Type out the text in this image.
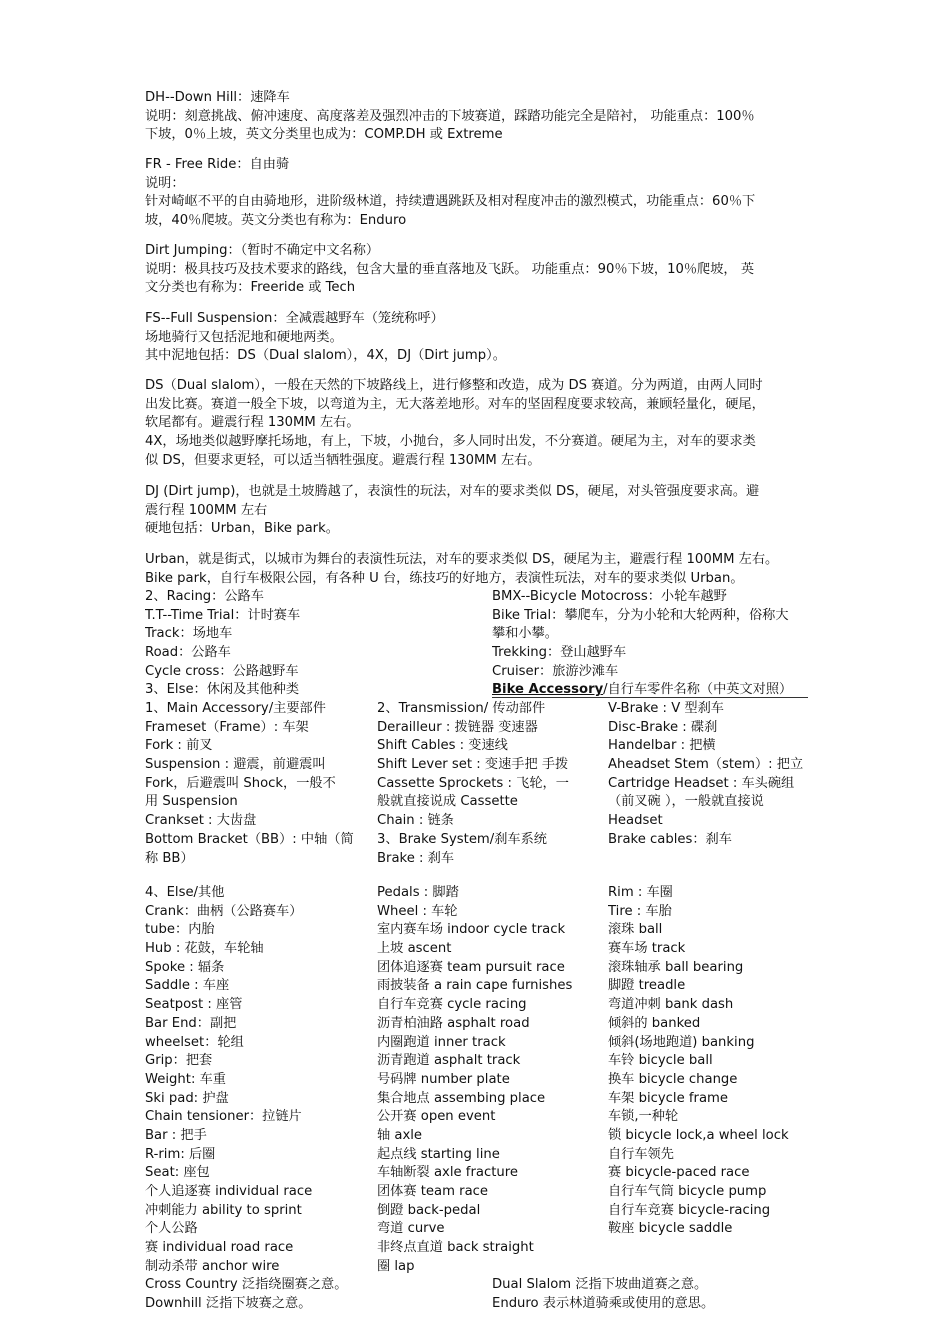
DH--Down Hill：速降车
说明：刻意挑战、俯冲速度、高度落差及强烈冲击的下坡赛道，踩踏功能完全是陪衬， 功能重点：100％
下坡，0％上坡，英文分类里也成为：COMP.DH 或 Extreme
FR - Free Ride：自由骑
说明：
针对崎岖不平的自由骑地形，进阶级林道，持续遭遇跳跃及相对程度冲击的激烈模式，功能重点：60％下
坡，40％爬坡。英文分类也有称为：Enduro
Dirt Jumping：（暂时不确定中文名称）
说明：极具技巧及技术要求的路线，包含大量的垂直落地及飞跃。 功能重点：90％下坡，10％爬坡， 英
文分类也有称为：Freeride 或 Tech
FS--Full Suspension：全减震越野车（笼统称呼）
场地骑行又包括泥地和硬地两类。
其中泥地包括：DS（Dual slalom），4X，DJ（Dirt jump）。
DS（Dual slalom），一般在天然的下坡路线上，进行修整和改造，成为 DS 赛道。分为两道，由两人同时
出发比赛。赛道一般全下坡，以弯道为主，无大落差地形。对车的坚固程度要求较高，兼顾轻量化，硬尾，
软尾都有。避震行程 130MM 左右。
4X，场地类似越野摩托场地，有上，下坡，小抛台，多人同时出发，不分赛道。硬尾为主，对车的要求类
似 DS，但要求更轻，可以适当牺牲强度。避震行程 130MM 左右。
DJ (Dirt jump)，也就是土坡腾越了，表演性的玩法，对车的要求类似 DS，硬尾，对头管强度要求高。避
震行程 100MM 左右
硬地包括：Urban，Bike park。
Urban，就是街式，以城市为舞台的表演性玩法，对车的要求类似 DS，硬尾为主，避震行程 100MM 左右。
Bike park，自行车极限公园，有各种 U 台，练技巧的好地方，表演性玩法，对车的要求类似 Urban。
2、Racing：公路车
T.T--Time Trial：计时赛车
Track：场地车
Road：公路车
Cycle cross：公路越野车
3、Else：休闲及其他种类
BMX--Bicycle Motocross：小轮车越野
Bike Trial：攀爬车，分为小轮和大轮两种，俗称大
攀和小攀。
Trekking：登山越野车
Cruiser：旅游沙滩车
Bike Accessory/自行车零件名称（中英文对照）
1、Main Accessory/主要部件
Frameset（Frame）: 车架
Fork : 前叉
Suspension : 避震，前避震叫
Fork，后避震叫 Shock，一般不
用 Suspension
Crankset : 大齿盘
Bottom Bracket（BB）: 中轴（简
称 BB）
2、Transmission/ 传动部件
Derailleur : 拨链器 变速器
Shift Cables : 变速线
Shift Lever set : 变速手把 手拨
Cassette Sprockets : 飞轮，一
般就直接说成 Cassette
Chain : 链条
3、Brake System/刹车系统
Brake : 刹车
V-Brake : V 型刹车
Disc-Brake : 碟刹
Handelbar : 把横
Aheadset Stem（stem）: 把立
Cartridge Headset : 车头碗组
（前叉碗 ），一般就直接说
Headset
Brake cables：刹车
4、Else/其他
Crank：曲柄（公路赛车）
tube：内胎
Hub : 花鼓，车轮轴
Spoke : 辐条
Saddle : 车座
Seatpost : 座管
Bar End：副把
wheelset：轮组
Grip：把套
Weight: 车重
Ski pad: 护盘
Chain tensioner：拉链片
Bar : 把手
R-rim: 后圈
Seat: 座包
个人追逐赛 individual race
冲刺能力 ability to sprint
个人公路
赛 individual road race
制动杀带 anchor wire
Pedals : 脚踏
Wheel : 车轮
室内赛车场 indoor cycle track
上坡 ascent
团体追逐赛 team pursuit race
雨披装备 a rain cape furnishes
自行车竞赛 cycle racing
沥青柏油路 asphalt road
内圈跑道 inner track
沥青跑道 asphalt track
号码牌 number plate
集合地点 assembing place
公开赛 open event
轴 axle
起点线 starting line
车轴断裂 axle fracture
团体赛 team race
倒蹬 back-pedal
弯道 curve
非终点直道 back straight
圈 lap
Rim : 车圈
Tire : 车胎
滚珠 ball
赛车场 track
滚珠轴承 ball bearing
脚蹬 treadle
弯道冲刺 bank dash
倾斜的 banked
倾斜(场地跑道) banking
车铃 bicycle ball
换车 bicycle change
车架 bicycle frame
车锁,一种轮
锁 bicycle lock,a wheel lock
自行车领先
赛 bicycle-paced race
自行车气筒 bicycle pump
自行车竞赛 bicycle-racing
鞍座 bicycle saddle
Cross Country 泛指绕圈赛之意。
Downhill 泛指下坡赛之意。
Dual Slalom 泛指下坡曲道赛之意。
Enduro 表示林道骑乘或使用的意思。
